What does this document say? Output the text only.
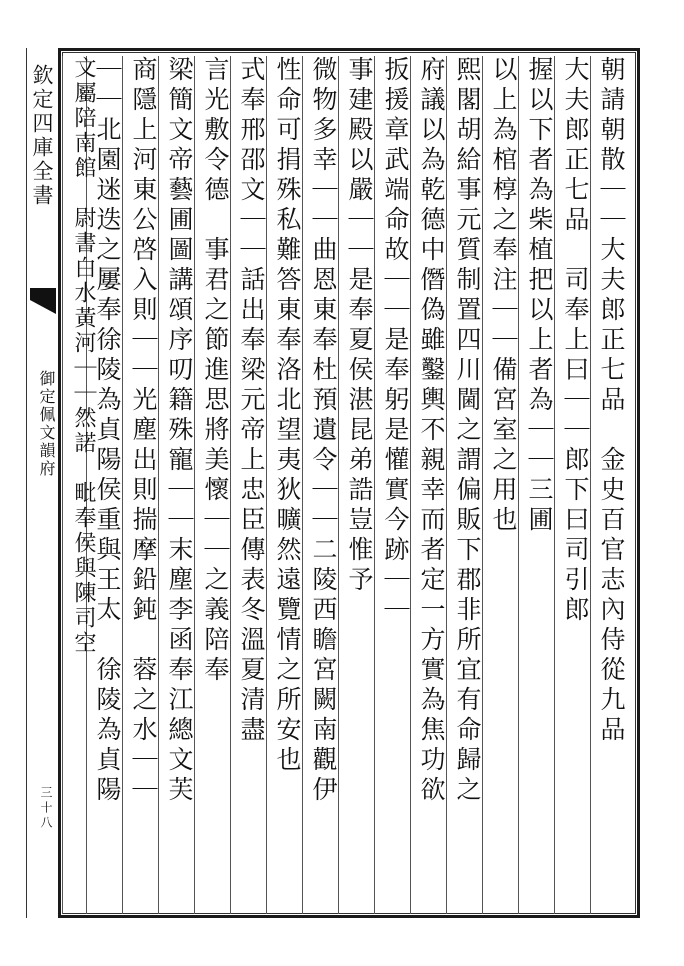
欽定四庫全書
御定佩文韻府
三十八
朝請朝散｜｜大夫郎正七品　金史百官志內侍從九品
大夫郎正七品　司奉上曰｜｜郎下曰司引郎
握以下者為柴植把以上者為｜｜三圃
以上為棺椁之奉注｜｜備宮室之用也
熙閣胡給事元質制置四川閫之謂偏販下郡非所宜有命歸之
府議以為乾德中僭偽雖鑿輿不親幸而者定一方實為焦功欲
扳援章武端命故｜｜是奉躬是懽實今跡｜｜
事建殿以嚴｜｜是奉夏侯湛昆弟誥豈惟予
微物多幸｜｜曲恩東奉杜預遺令｜｜二陵西瞻宮闕南觀伊
性命可捐殊私難答東奉洛北望夷狄曠然遠覽情之所安也
式奉邢邵文｜｜話出奉梁元帝上忠臣傳表冬溫夏清盡
言光敷令德　事君之節進思將美懷｜｜之義陪奉
梁簡文帝藝圃圖講頌序叨籍殊寵｜｜末塵李函奉江總文芙
商隱上河東公啓入則｜｜光塵出則揣摩鉛鈍　蓉之水｜｜
｜｜北園迷迭之屢奉徐陵為貞陽侯重與王太　徐陵為貞陽
文屬陪南館　尉書白水黃河｜｜然諾　毗奉侯與陳司空
